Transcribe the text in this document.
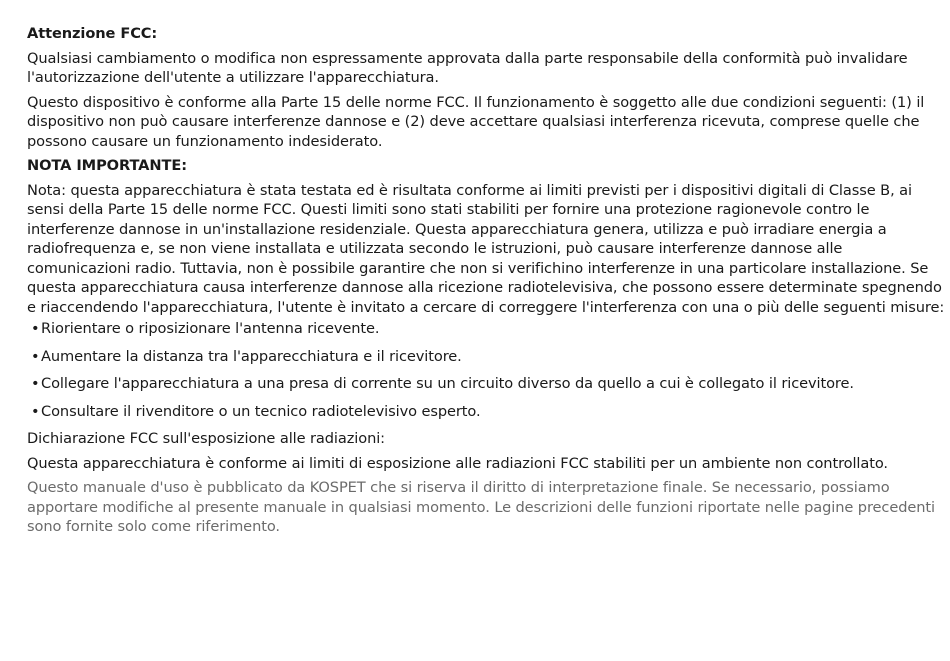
Attenzione FCC:

Qualsiasi cambiamento o modifica non espressamente approvata dalla parte responsabile della conformità può invalidare l'autorizzazione dell'utente a utilizzare l'apparecchiatura.

Questo dispositivo è conforme alla Parte 15 delle norme FCC. Il funzionamento è soggetto alle due condizioni seguenti: (1) il dispositivo non può causare interferenze dannose e (2) deve accettare qualsiasi interferenza ricevuta, comprese quelle che possono causare un funzionamento indesiderato.

NOTA IMPORTANTE:

Nota: questa apparecchiatura è stata testata ed è risultata conforme ai limiti previsti per i dispositivi digitali di Classe B, ai sensi della Parte 15 delle norme FCC. Questi limiti sono stati stabiliti per fornire una protezione ragionevole contro le interferenze dannose in un'installazione residenziale. Questa apparecchiatura genera, utilizza e può irradiare energia a radiofrequenza e, se non viene installata e utilizzata secondo le istruzioni, può causare interferenze dannose alle comunicazioni radio. Tuttavia, non è possibile garantire che non si verifichino interferenze in una particolare installazione. Se questa apparecchiatura causa interferenze dannose alla ricezione radiotelevisiva, che possono essere determinate spegnendo e riaccendendo l'apparecchiatura, l'utente è invitato a cercare di correggere l'interferenza con una o più delle seguenti misure:

• Riorientare o riposizionare l'antenna ricevente.
• Aumentare la distanza tra l'apparecchiatura e il ricevitore.
• Collegare l'apparecchiatura a una presa di corrente su un circuito diverso da quello a cui è collegato il ricevitore.
• Consultare il rivenditore o un tecnico radiotelevisivo esperto.

Dichiarazione FCC sull'esposizione alle radiazioni:

Questa apparecchiatura è conforme ai limiti di esposizione alle radiazioni FCC stabiliti per un ambiente non controllato.

Questo manuale d'uso è pubblicato da KOSPET che si riserva il diritto di interpretazione finale. Se necessario, possiamo apportare modifiche al presente manuale in qualsiasi momento. Le descrizioni delle funzioni riportate nelle pagine precedenti sono fornite solo come riferimento.
